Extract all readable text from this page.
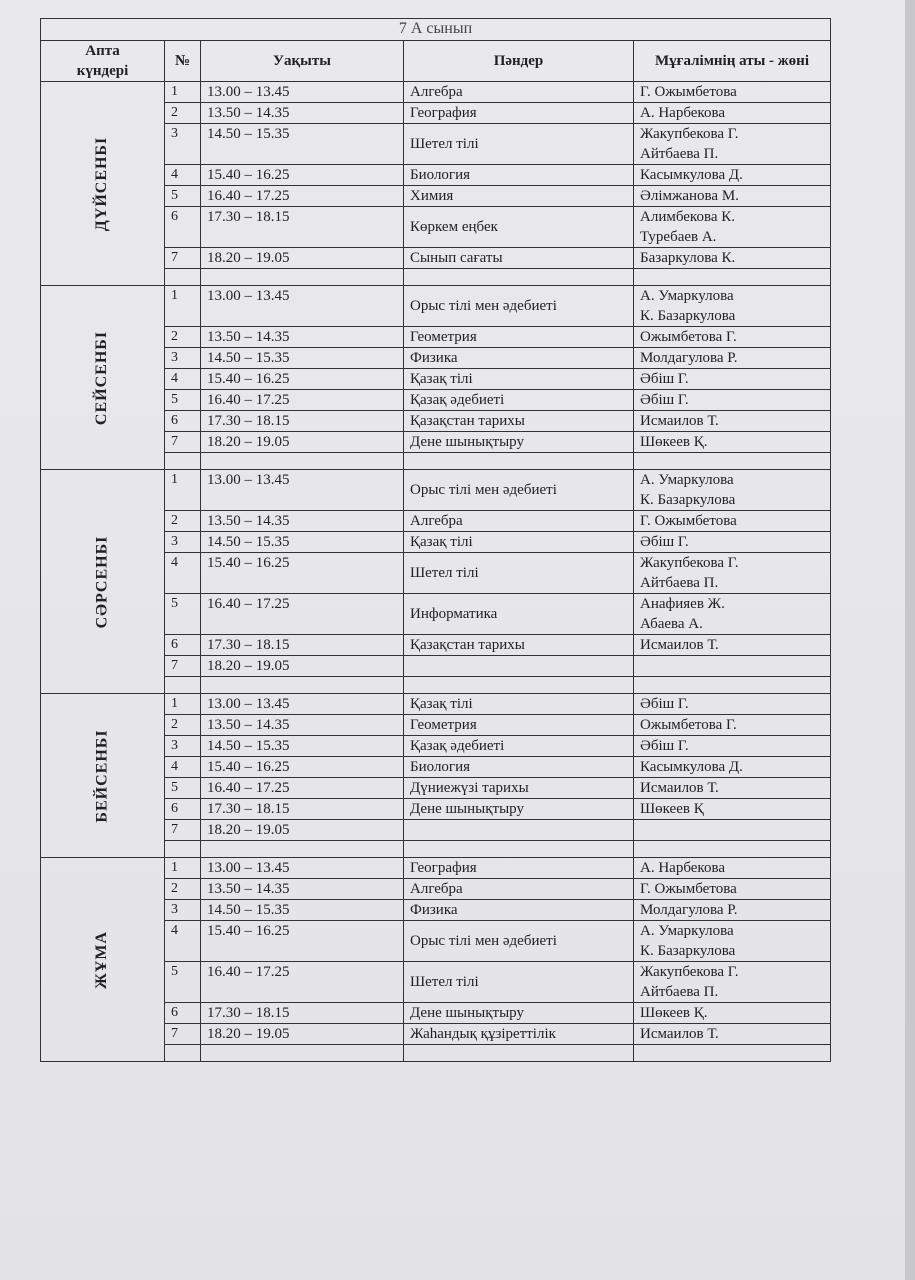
7 А сынып				

Апта
күндері	№	Уақыты	Пәндер	Мұғалімнің аты - жөні
ДҮЙСЕНБІ	1	13.00 – 13.45	Алгебра	Г. Ожымбетова

	2	13.50 – 14.35	География	А. Нарбекова

	3	14.50 – 15.35	Шетел тілі	Жакупбекова Г.
Айтбаева П.

	4	15.40 – 16.25	Биология	Касымкулова Д.

	5	16.40 – 17.25	Химия	Әлімжанова М.

	6	17.30 – 18.15	Көркем еңбек	Алимбекова К.
Туребаев А.

	7	18.20 – 19.05	Сынып сағаты	Базаркулова К.

СЕЙСЕНБІ	1	13.00 – 13.45	Орыс тілі мен әдебиеті	А. Умаркулова
К. Базаркулова

	2	13.50 – 14.35	Геометрия	Ожымбетова Г.

	3	14.50 – 15.35	Физика	Молдагулова Р.

	4	15.40 – 16.25	Қазақ тілі	Әбіш Г.

	5	16.40 – 17.25	Қазақ әдебиеті	Әбіш Г.

	6	17.30 – 18.15	Қазақстан тарихы	Исмаилов Т.

	7	18.20 – 19.05	Дене шынықтыру	Шөкеев Қ.

СӘРСЕНБІ	1	13.00 – 13.45	Орыс тілі мен әдебиеті	А. Умаркулова
К. Базаркулова

	2	13.50 – 14.35	Алгебра	Г. Ожымбетова

	3	14.50 – 15.35	Қазақ тілі	Әбіш Г.

	4	15.40 – 16.25	Шетел тілі	Жакупбекова Г.
Айтбаева П.

	5	16.40 – 17.25	Информатика	Анафияев Ж.
Абаева А.

	6	17.30 – 18.15	Қазақстан тарихы	Исмаилов Т.

	7	18.20 – 19.05	

БЕЙСЕНБІ	1	13.00 – 13.45	Қазақ тілі	Әбіш Г.

	2	13.50 – 14.35	Геометрия	Ожымбетова Г.

	3	14.50 – 15.35	Қазақ әдебиеті	Әбіш Г.

	4	15.40 – 16.25	Биология	Касымкулова Д.

	5	16.40 – 17.25	Дүниежүзі тарихы	Исмаилов Т.

	6	17.30 – 18.15	Дене шынықтыру	Шөкеев Қ

	7	18.20 – 19.05	

ЖҰМА	1	13.00 – 13.45	География	А. Нарбекова

	2	13.50 – 14.35	Алгебра	Г. Ожымбетова

	3	14.50 – 15.35	Физика	Молдагулова Р.

	4	15.40 – 16.25	Орыс тілі мен әдебиеті	А. Умаркулова
К. Базаркулова

	5	16.40 – 17.25	Шетел тілі	Жакупбекова Г.
Айтбаева П.

	6	17.30 – 18.15	Дене шынықтыру	Шөкеев Қ.

	7	18.20 – 19.05	Жаһандық құзіреттілік	Исмаилов Т.
